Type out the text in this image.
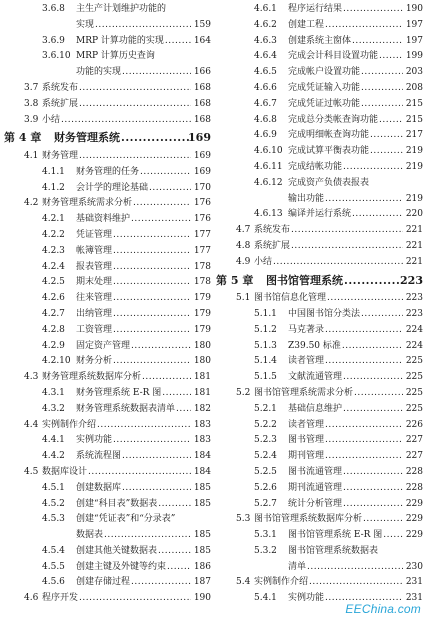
3.6.8 主生产计划维护功能的
实现 .....	159
3.6.9 MRP 计算功能的实现 .....	164
3.6.10 MRP 计算历史查询
功能的实现 .....	166
3.7 系统发布 .....	168
3.8 系统扩展 .....	168
3.9 小结 .....	168
第 4 章 财务管理系统 .....	169
4.1 财务管理 .....	169
4.1.1 财务管理的任务 .....	169
4.1.2 会计学的理论基础 .....	170
4.2 财务管理系统需求分析 .....	176
4.2.1 基础资料维护 .....	176
4.2.2 凭证管理 .....	177
4.2.3 帐簿管理 .....	177
4.2.4 报表管理 .....	178
4.2.5 期末处理 .....	178
4.2.6 往来管理 .....	179
4.2.7 出纳管理 .....	179
4.2.8 工资管理 .....	179
4.2.9 固定资产管理 .....	180
4.2.10 财务分析 .....	180
4.3 财务管理系统数据库分析 .....	181
4.3.1 财务管理系统 E-R 图 .....	181
4.3.2 财务管理系统数据表清单 ..... 182
4.4 实例制作介绍 .....	183
4.4.1 实例功能 .....	183
4.4.2 系统流程图 .....	184
4.5 数据库设计 .....	184
4.5.1 创建数据库 .....	185
4.5.2 创建“科目表”数据表 .....	185
4.5.3 创建“凭证表”和“分录表”
数据表 .....	185
4.5.4 创建其他关键数据表 .....	185
4.5.5 创建主键及外键等约束 .....	186
4.5.6 创建存储过程 .....	187
4.6 程序开发 .....	190
4.6.1 程序运行结果 .....	190
4.6.2 创建工程 .....	197
4.6.3 创建系统主窗体 .....	197
4.6.4 完成会计科目设置功能 .....	199
4.6.5 完成帐户设置功能 .....	203
4.6.6 完成凭证输入功能 .....	208
4.6.7 完成凭证过帐功能 .....	215
4.6.8 完成总分类帐查询功能 .....	215
4.6.9 完成明细帐查询功能 .....	217
4.6.10 完成试算平衡表功能 .....	219
4.6.11 完成结帐功能 .....	219
4.6.12 完成资产负债表报表
输出功能 .....	219
4.6.13 编译并运行系统 .....	220
4.7 系统发布 .....	221
4.8 系统扩展 .....	221
4.9 小结 .....	221
第 5 章 图书馆管理系统 .....	223
5.1 图书馆信息化管理 .....	223
5.1.1 中国图书馆分类法 .....	223
5.1.2 马克著录 .....	224
5.1.3 Z39.50 标准 .....	224
5.1.4 读者管理 .....	225
5.1.5 文献流通管理 .....	225
5.2 图书馆管理系统需求分析 .....	225
5.2.1 基础信息维护 .....	225
5.2.2 读者管理 .....	226
5.2.3 图书管理 .....	227
5.2.4 期刊管理 .....	227
5.2.5 图书流通管理 .....	228
5.2.6 期刊流通管理 .....	228
5.2.7 统计分析管理 .....	229
5.3 图书馆管理系统数据库分析 .....	229
5.3.1 图书馆管理系统 E-R 图 .....	229
5.3.2 图书馆管理系统数据表
清单 .....	230
5.4 实例制作介绍 .....	231
5.4.1 实例功能 .....	231
EEChina.com
